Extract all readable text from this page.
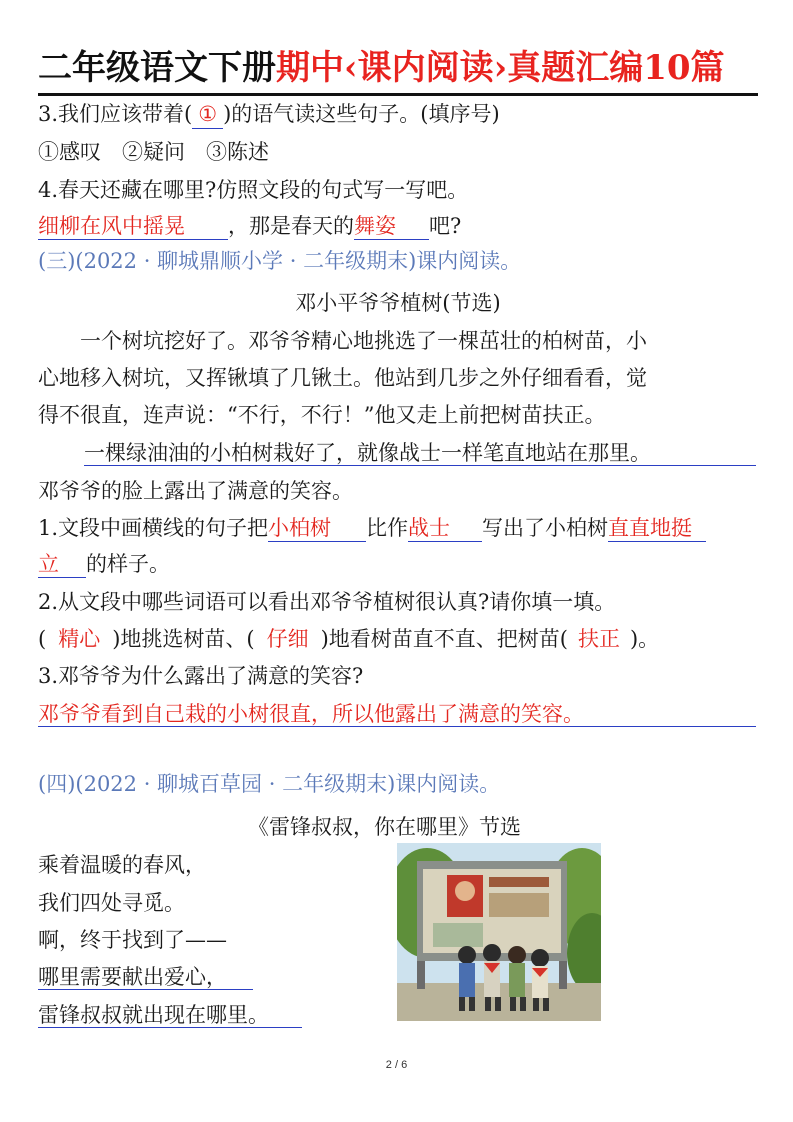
二年级语文下册期中‹课内阅读›真题汇编10篇
3.我们应该带着( ① )的语气读这些句子。(填序号)
①感叹　②疑问　③陈述
4.春天还藏在哪里?仿照文段的句式写一写吧。
细柳在风中摇晃 ，那是春天的舞姿 吧?
(三)(2022 · 聊城鼎顺小学 · 二年级期末)课内阅读。
邓小平爷爷植树(节选)
　　一个树坑挖好了。邓爷爷精心地挑选了一棵茁壮的柏树苗，小
心地移入树坑，又挥锹填了几锹土。他站到几步之外仔细看看，觉
得不很直，连声说：“不行，不行！”他又走上前把树苗扶正。
一棵绿油油的小柏树栽好了，就像战士一样笔直地站在那里。
邓爷爷的脸上露出了满意的笑容。
1.文段中画横线的句子把小柏树 比作战士 写出了小柏树直直地挺
立 的样子。
2.从文段中哪些词语可以看出邓爷爷植树很认真?请你填一填。
( 精心 )地挑选树苗、( 仔细 )地看树苗直不直、把树苗( 扶正 )。
3.邓爷爷为什么露出了满意的笑容?
邓爷爷看到自己栽的小树很直，所以他露出了满意的笑容。
(四)(2022 · 聊城百草园 · 二年级期末)课内阅读。
《雷锋叔叔，你在哪里》节选
乘着温暖的春风，
我们四处寻觅。
啊，终于找到了——
哪里需要献出爱心，
雷锋叔叔就出现在哪里。
2 / 6
